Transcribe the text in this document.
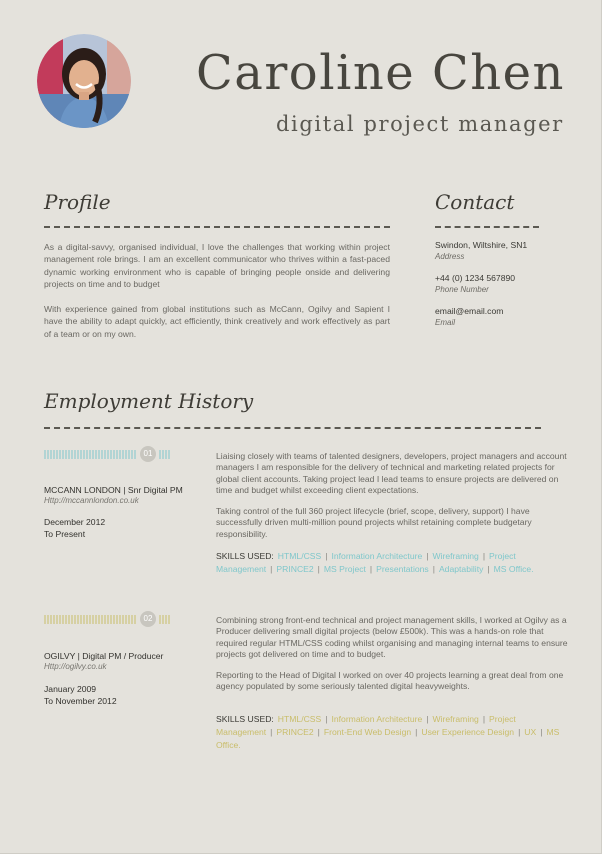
Caroline Chen
digital project manager
Profile
As a digital-savvy, organised individual, I love the challenges that working within project management role brings. I am an excellent communicator who thrives within a fast-paced dynamic working environment who is capable of bringing people onside and delivering projects on time and to budget
With experience gained from global institutions such as McCann, Ogilvy and Sapient I have the ability to adapt quickly, act efficiently, think creatively and work effectively as part of a team or on my own.
Contact
Swindon, Wiltshire, SN1
Address
+44 (0) 1234 567890
Phone Number
email@email.com
Email
Employment History
01
MCCANN LONDON | Snr Digital PM
Http://mccannlondon.co.uk
December 2012
To Present
Liaising closely with teams of talented designers, developers, project managers and account managers I am responsible for the delivery of technical and marketing related projects for global client accounts. Taking project lead I lead teams to ensure projects are delivered on time and budget whilst exceeding client expectations.
Taking control of the full 360 project lifecycle (brief, scope, delivery, support) I have successfully driven multi-million pound projects whilst retaining complete budgetary responsibility.
SKILLS USED: HTML/CSS | Information Architecture | Wireframing | Project Management | PRINCE2 | MS Project | Presentations | Adaptability | MS Office.
02
OGILVY | Digital PM / Producer
Http://ogilvy.co.uk
January 2009
To November 2012
Combining strong front-end technical and project management skills, I worked at Ogilvy as a Producer delivering small digital projects (below £500k). This was a hands-on role that required regular HTML/CSS coding whilst organising and managing internal teams to ensure projects got delivered on time and to budget.
Reporting to the Head of Digital I worked on over 40 projects learning a great deal from one agency populated by some seriously talented digital heavyweights.
SKILLS USED: HTML/CSS | Information Architecture | Wireframing | Project Management | PRINCE2 | Front-End Web Design | User Experience Design | UX | MS Office.
